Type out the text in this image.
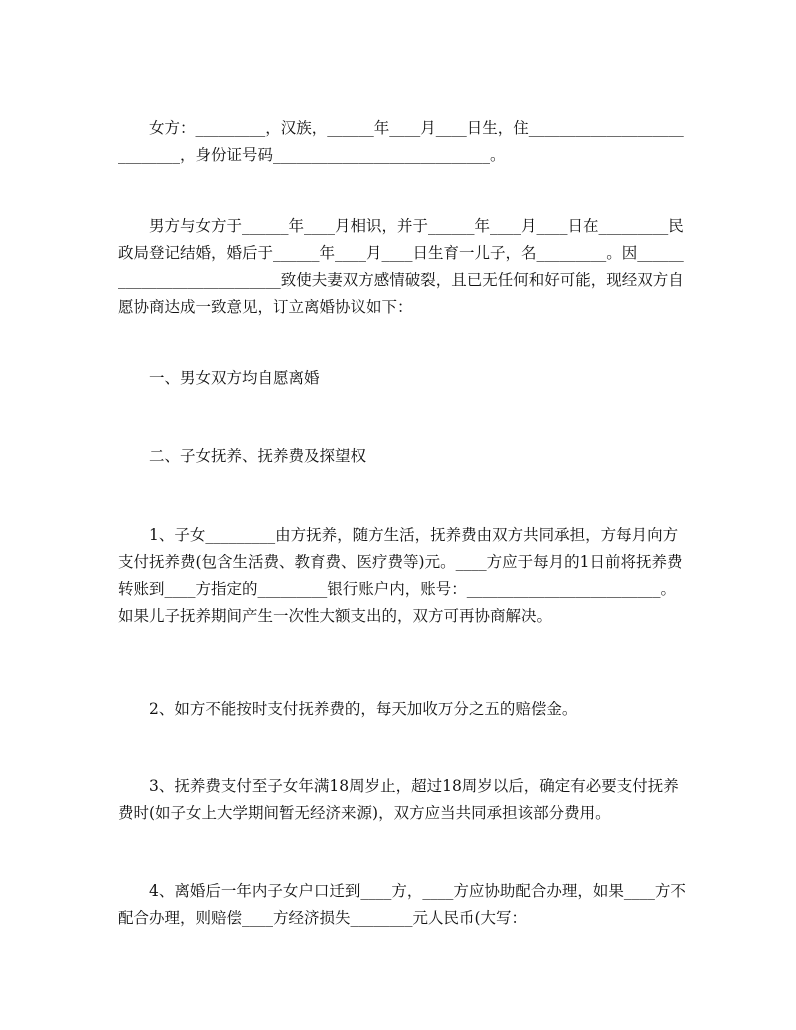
女方：_________，汉族，______年____月____日生，住____________________________，身份证号码____________________________。

男方与女方于______年____月相识，并于______年____月____日在_________民政局登记结婚，婚后于______年____月____日生育一儿子，名_________。因___________________________致使夫妻双方感情破裂，且已无任何和好可能，现经双方自愿协商达成一致意见，订立离婚协议如下：

一、男女双方均自愿离婚

二、子女抚养、抚养费及探望权

1、子女_________由方抚养，随方生活，抚养费由双方共同承担，方每月向方支付抚养费(包含生活费、教育费、医疗费等)元。____方应于每月的1日前将抚养费转账到____方指定的_________银行账户内，账号：_________________________。如果儿子抚养期间产生一次性大额支出的，双方可再协商解决。

2、如方不能按时支付抚养费的，每天加收万分之五的赔偿金。

3、抚养费支付至子女年满18周岁止，超过18周岁以后，确定有必要支付抚养费时(如子女上大学期间暂无经济来源)，双方应当共同承担该部分费用。

4、离婚后一年内子女户口迁到____方，____方应协助配合办理，如果____方不配合办理，则赔偿____方经济损失________元人民币(大写：
